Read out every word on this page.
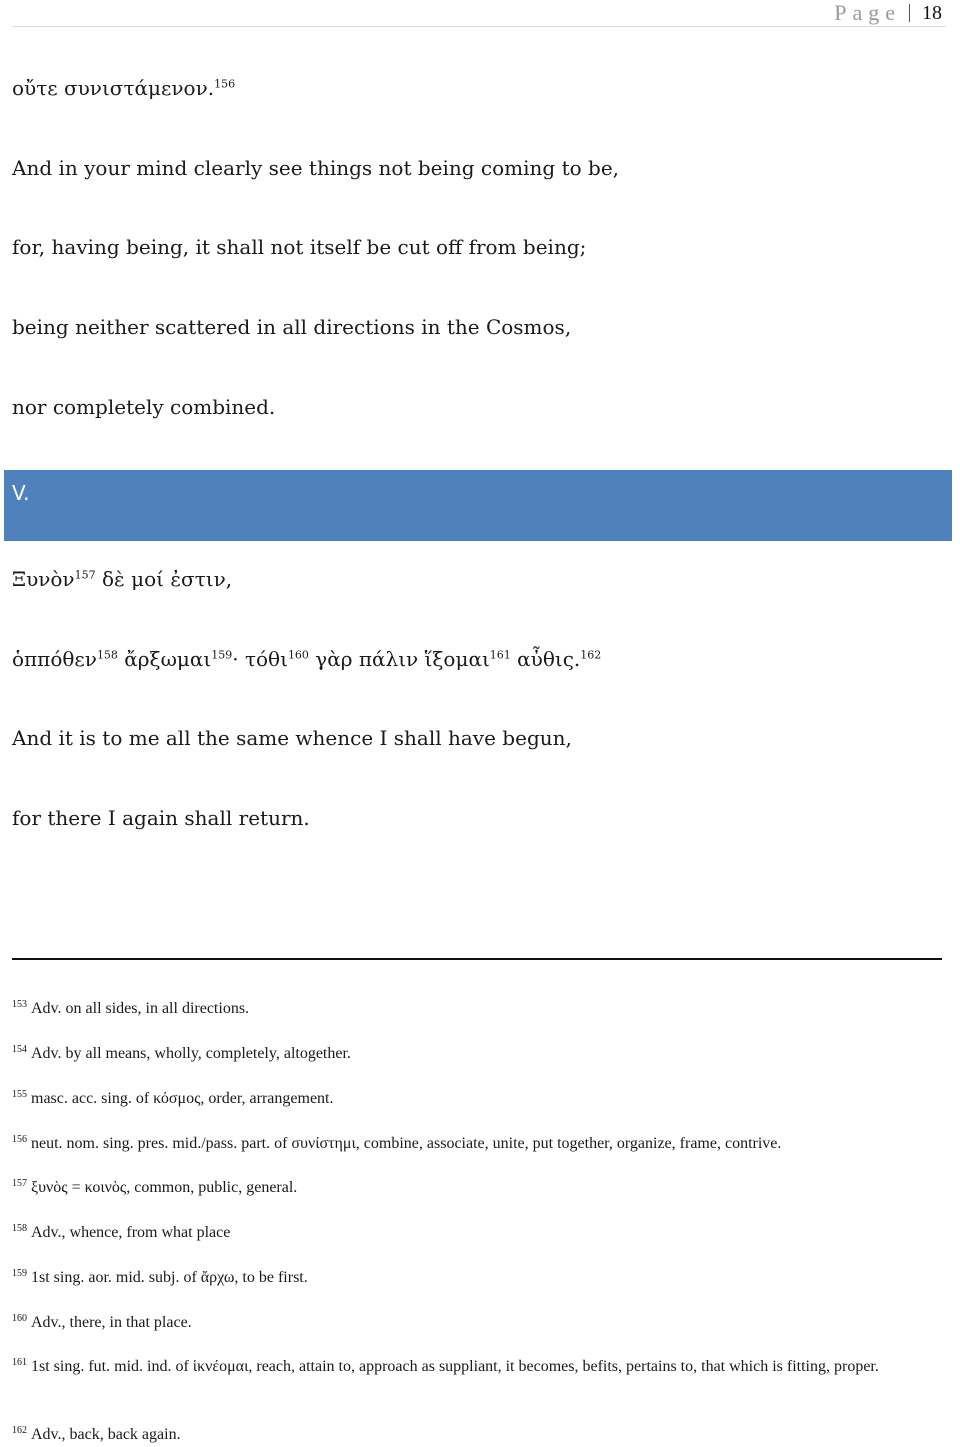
Page 18
οὔτε συνιστάμενον.$^{156}$
And in your mind clearly see things not being coming to be,
for, having being, it shall not itself be cut off from being;
being neither scattered in all directions in the Cosmos,
nor completely combined.
V.
Ξυνὸν$^{157}$ δὲ μοί ἐστιν,
ὁππόθεν$^{158}$ ἄρξωμαι$^{159}$· τόθι$^{160}$ γὰρ πάλιν ἵξομαι$^{161}$ αὖθις.$^{162}$
And it is to me all the same whence I shall have begun,
for there I again shall return.
$^{153}$ Adv. on all sides, in all directions.
$^{154}$ Adv. by all means, wholly, completely, altogether.
$^{155}$ masc. acc. sing. of κόσμος, order, arrangement.
$^{156}$ neut. nom. sing. pres. mid./pass. part. of συνίστημι, combine, associate, unite, put together, organize, frame, contrive.
$^{157}$ ξυνὸς = κοινὸς, common, public, general.
$^{158}$ Adv., whence, from what place
$^{159}$ 1st sing. aor. mid. subj. of ἄρχω, to be first.
$^{160}$ Adv., there, in that place.
$^{161}$ 1st sing. fut. mid. ind. of ἱκνέομαι, reach, attain to, approach as suppliant, it becomes, befits, pertains to, that which is fitting, proper.
$^{162}$ Adv., back, back again.
